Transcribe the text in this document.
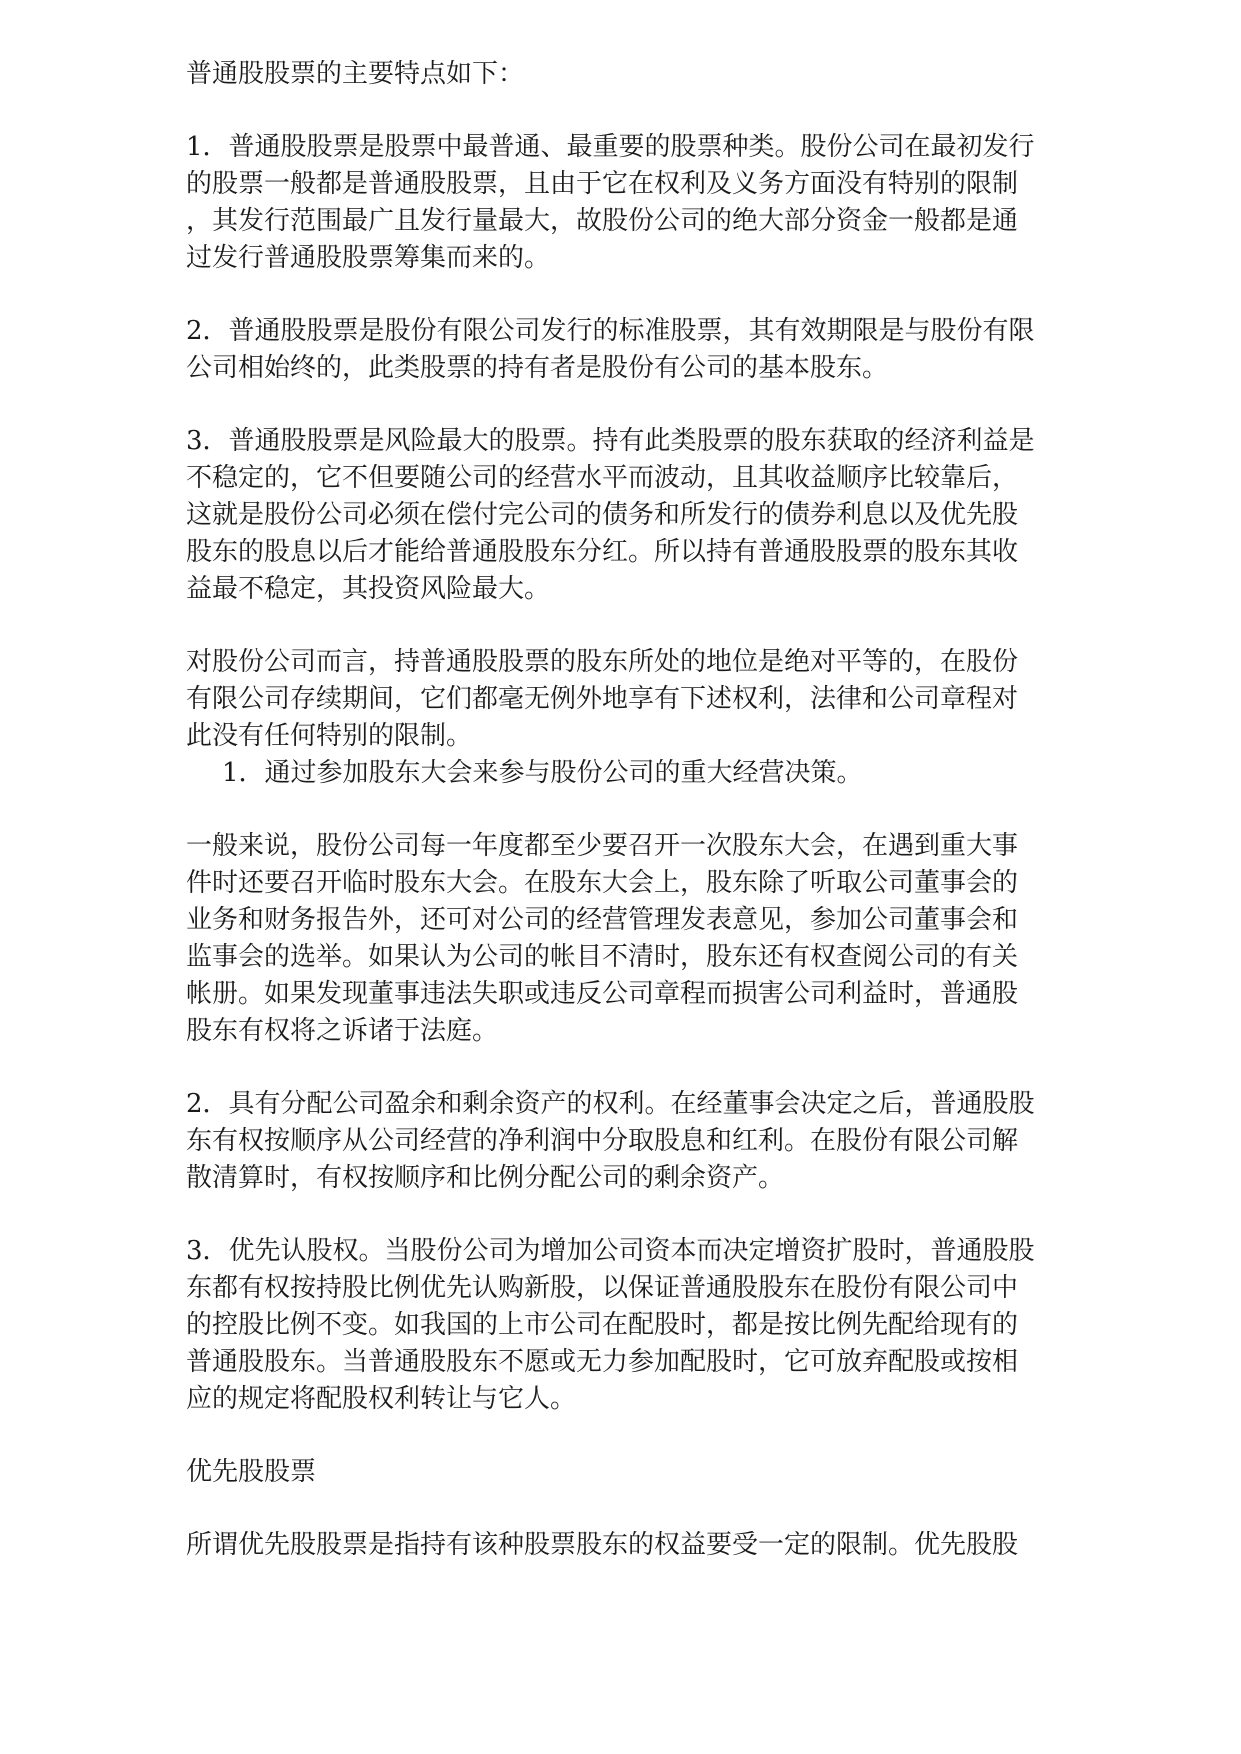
普通股股票的主要特点如下：
1．普通股股票是股票中最普通、最重要的股票种类。股份公司在最初发行
的股票一般都是普通股股票，且由于它在权利及义务方面没有特别的限制
，其发行范围最广且发行量最大，故股份公司的绝大部分资金一般都是通
过发行普通股股票筹集而来的。
2．普通股股票是股份有限公司发行的标准股票，其有效期限是与股份有限
公司相始终的，此类股票的持有者是股份有公司的基本股东。
3．普通股股票是风险最大的股票。持有此类股票的股东获取的经济利益是
不稳定的，它不但要随公司的经营水平而波动，且其收益顺序比较靠后，
这就是股份公司必须在偿付完公司的债务和所发行的债券利息以及优先股
股东的股息以后才能给普通股股东分红。所以持有普通股股票的股东其收
益最不稳定，其投资风险最大。
对股份公司而言，持普通股股票的股东所处的地位是绝对平等的，在股份
有限公司存续期间，它们都毫无例外地享有下述权利，法律和公司章程对
此没有任何特别的限制。
1．通过参加股东大会来参与股份公司的重大经营决策。
一般来说，股份公司每一年度都至少要召开一次股东大会，在遇到重大事
件时还要召开临时股东大会。在股东大会上，股东除了听取公司董事会的
业务和财务报告外，还可对公司的经营管理发表意见，参加公司董事会和
监事会的选举。如果认为公司的帐目不清时，股东还有权查阅公司的有关
帐册。如果发现董事违法失职或违反公司章程而损害公司利益时，普通股
股东有权将之诉诸于法庭。
2．具有分配公司盈余和剩余资产的权利。在经董事会决定之后，普通股股
东有权按顺序从公司经营的净利润中分取股息和红利。在股份有限公司解
散清算时，有权按顺序和比例分配公司的剩余资产。
3．优先认股权。当股份公司为增加公司资本而决定增资扩股时，普通股股
东都有权按持股比例优先认购新股，以保证普通股股东在股份有限公司中
的控股比例不变。如我国的上市公司在配股时，都是按比例先配给现有的
普通股股东。当普通股股东不愿或无力参加配股时，它可放弃配股或按相
应的规定将配股权利转让与它人。
优先股股票
所谓优先股股票是指持有该种股票股东的权益要受一定的限制。优先股股
